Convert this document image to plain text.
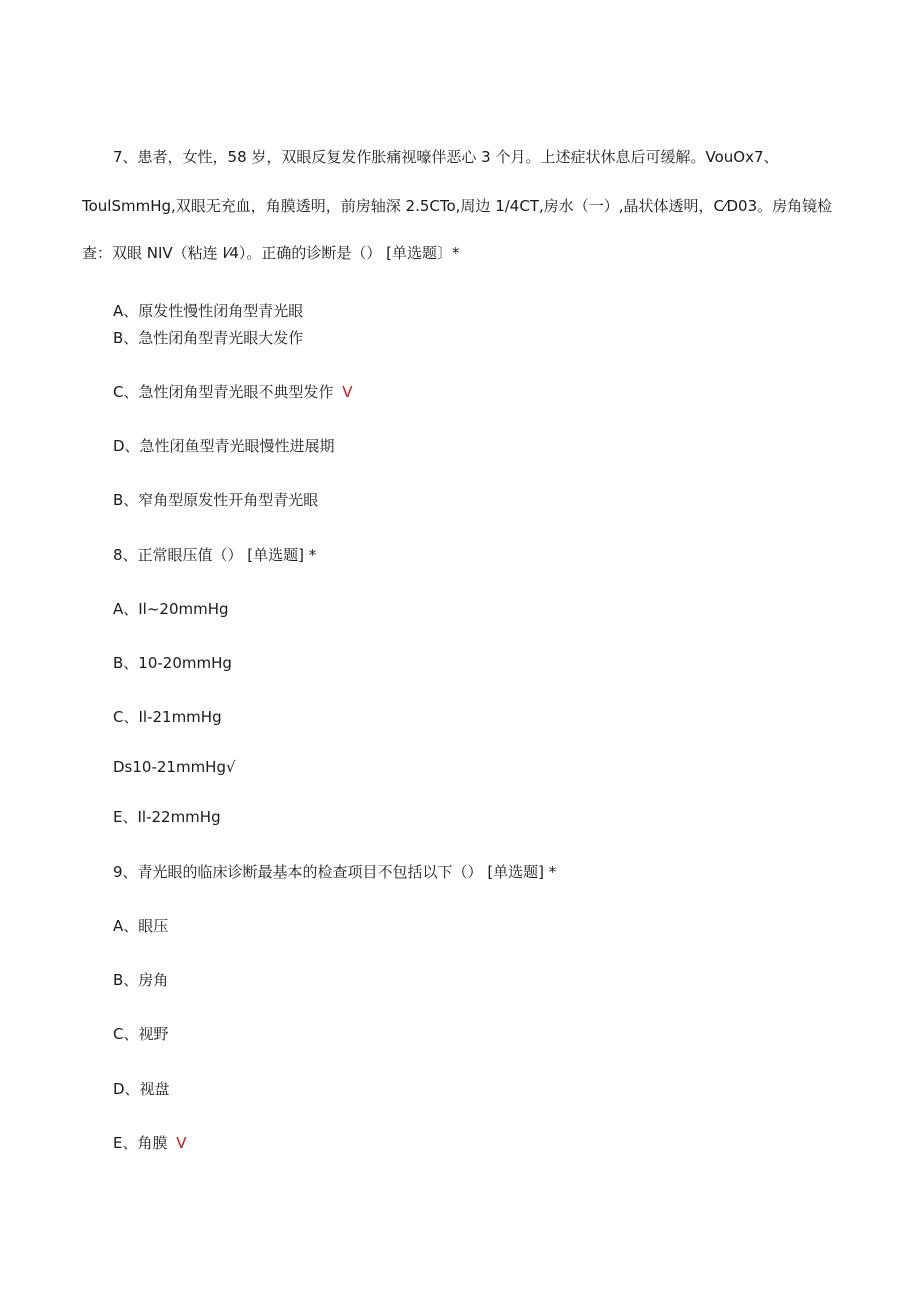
7、患者，女性，58 岁，双眼反复发作胀痛视嚎伴恶心 3 个月。上述症状休息后可缓解。VouOx7、
ToulSmmHg,双眼无充血，角膜透明，前房轴深 2.5CTo,周边 1/4CT,房水（一）,晶状体透明，C⁄D03。房角镜检
查：双眼 NIV（粘连 Ⅰ⁄4）。正确的诊断是（） [单选题〕*
A、原发性慢性闭角型青光眼
B、急性闭角型青光眼大发作
C、急性闭角型青光眼不典型发作 V
D、急性闭鱼型青光眼慢性进展期
B、窄角型原发性开角型青光眼
8、正常眼压值（） [单选题] *
A、Il~20mmHg
B、10-20mmHg
C、Il-21mmHg
Ds10-21mmHg√
E、Il-22mmHg
9、青光眼的临床诊断最基本的检查项目不包括以下（） [单选题] *
A、眼压
B、房角
C、视野
D、视盘
E、角膜 V
